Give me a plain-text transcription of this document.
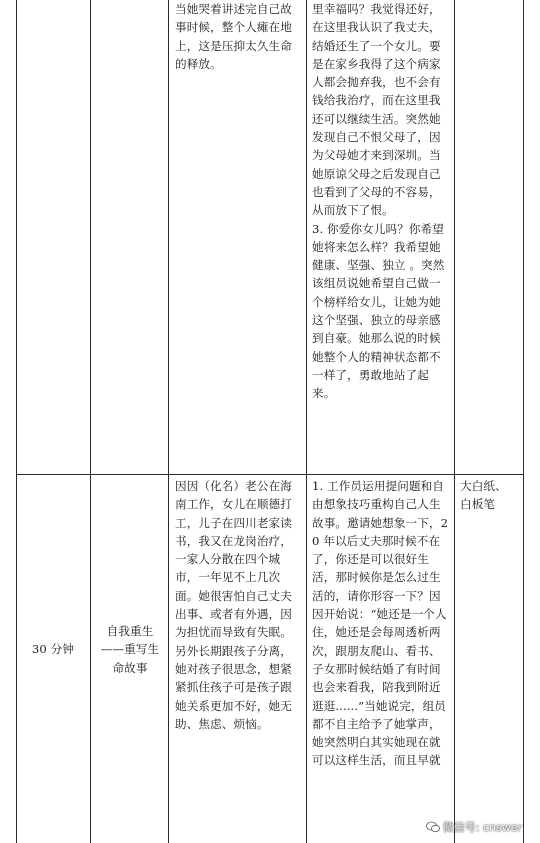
当她哭着讲述完自己故事时候，整个人瘫在地上，这是压抑太久生命的释放。

里幸福吗？我觉得还好，在这里我认识了我丈夫，结婚还生了一个女儿。要是在家乡我得了这个病家人都会抛弃我，也不会有钱给我治疗，而在这里我还可以继续生活。突然她发现自己不恨父母了，因为父母她才来到深圳。当她原谅父母之后发现自己也看到了父母的不容易，从而放下了恨。

3. 你爱你女儿吗？你希望她将来怎么样？我希望她健康、坚强、独立 。突然该组员说她希望自己做一个榜样给女儿，让她为她这个坚强、独立的母亲感到自豪。她那么说的时候她整个人的精神状态都不一样了，勇敢地站了起来。

30 分钟
自我重生——重写生命故事

因因（化名）老公在海南工作，女儿在顺德打工，儿子在四川老家读书，我又在龙岗治疗，一家人分散在四个城市，一年见不上几次面。她很害怕自己丈夫出事、或者有外遇，因为担忧而导致有失眠。另外长期跟孩子分离，她对孩子很思念，想紧紧抓住孩子可是孩子跟她关系更加不好，她无助、焦虑、烦恼。

1. 工作员运用提问题和自由想象技巧重构自己人生故事。邀请她想象一下，20 年以后丈夫那时候不在了，你还是可以很好生活，那时候你是怎么过生活的，请你形容一下？因因开始说：“她还是一个人住，她还是会每周透析两次，跟朋友爬山、看书、子女那时候结婚了有时间也会来看我，陪我到附近逛逛......”当她说完，组员都不自主给予了她掌声，她突然明白其实她现在就可以这样生活，而且早就

大白纸、白板笔
微信号: cnswer
